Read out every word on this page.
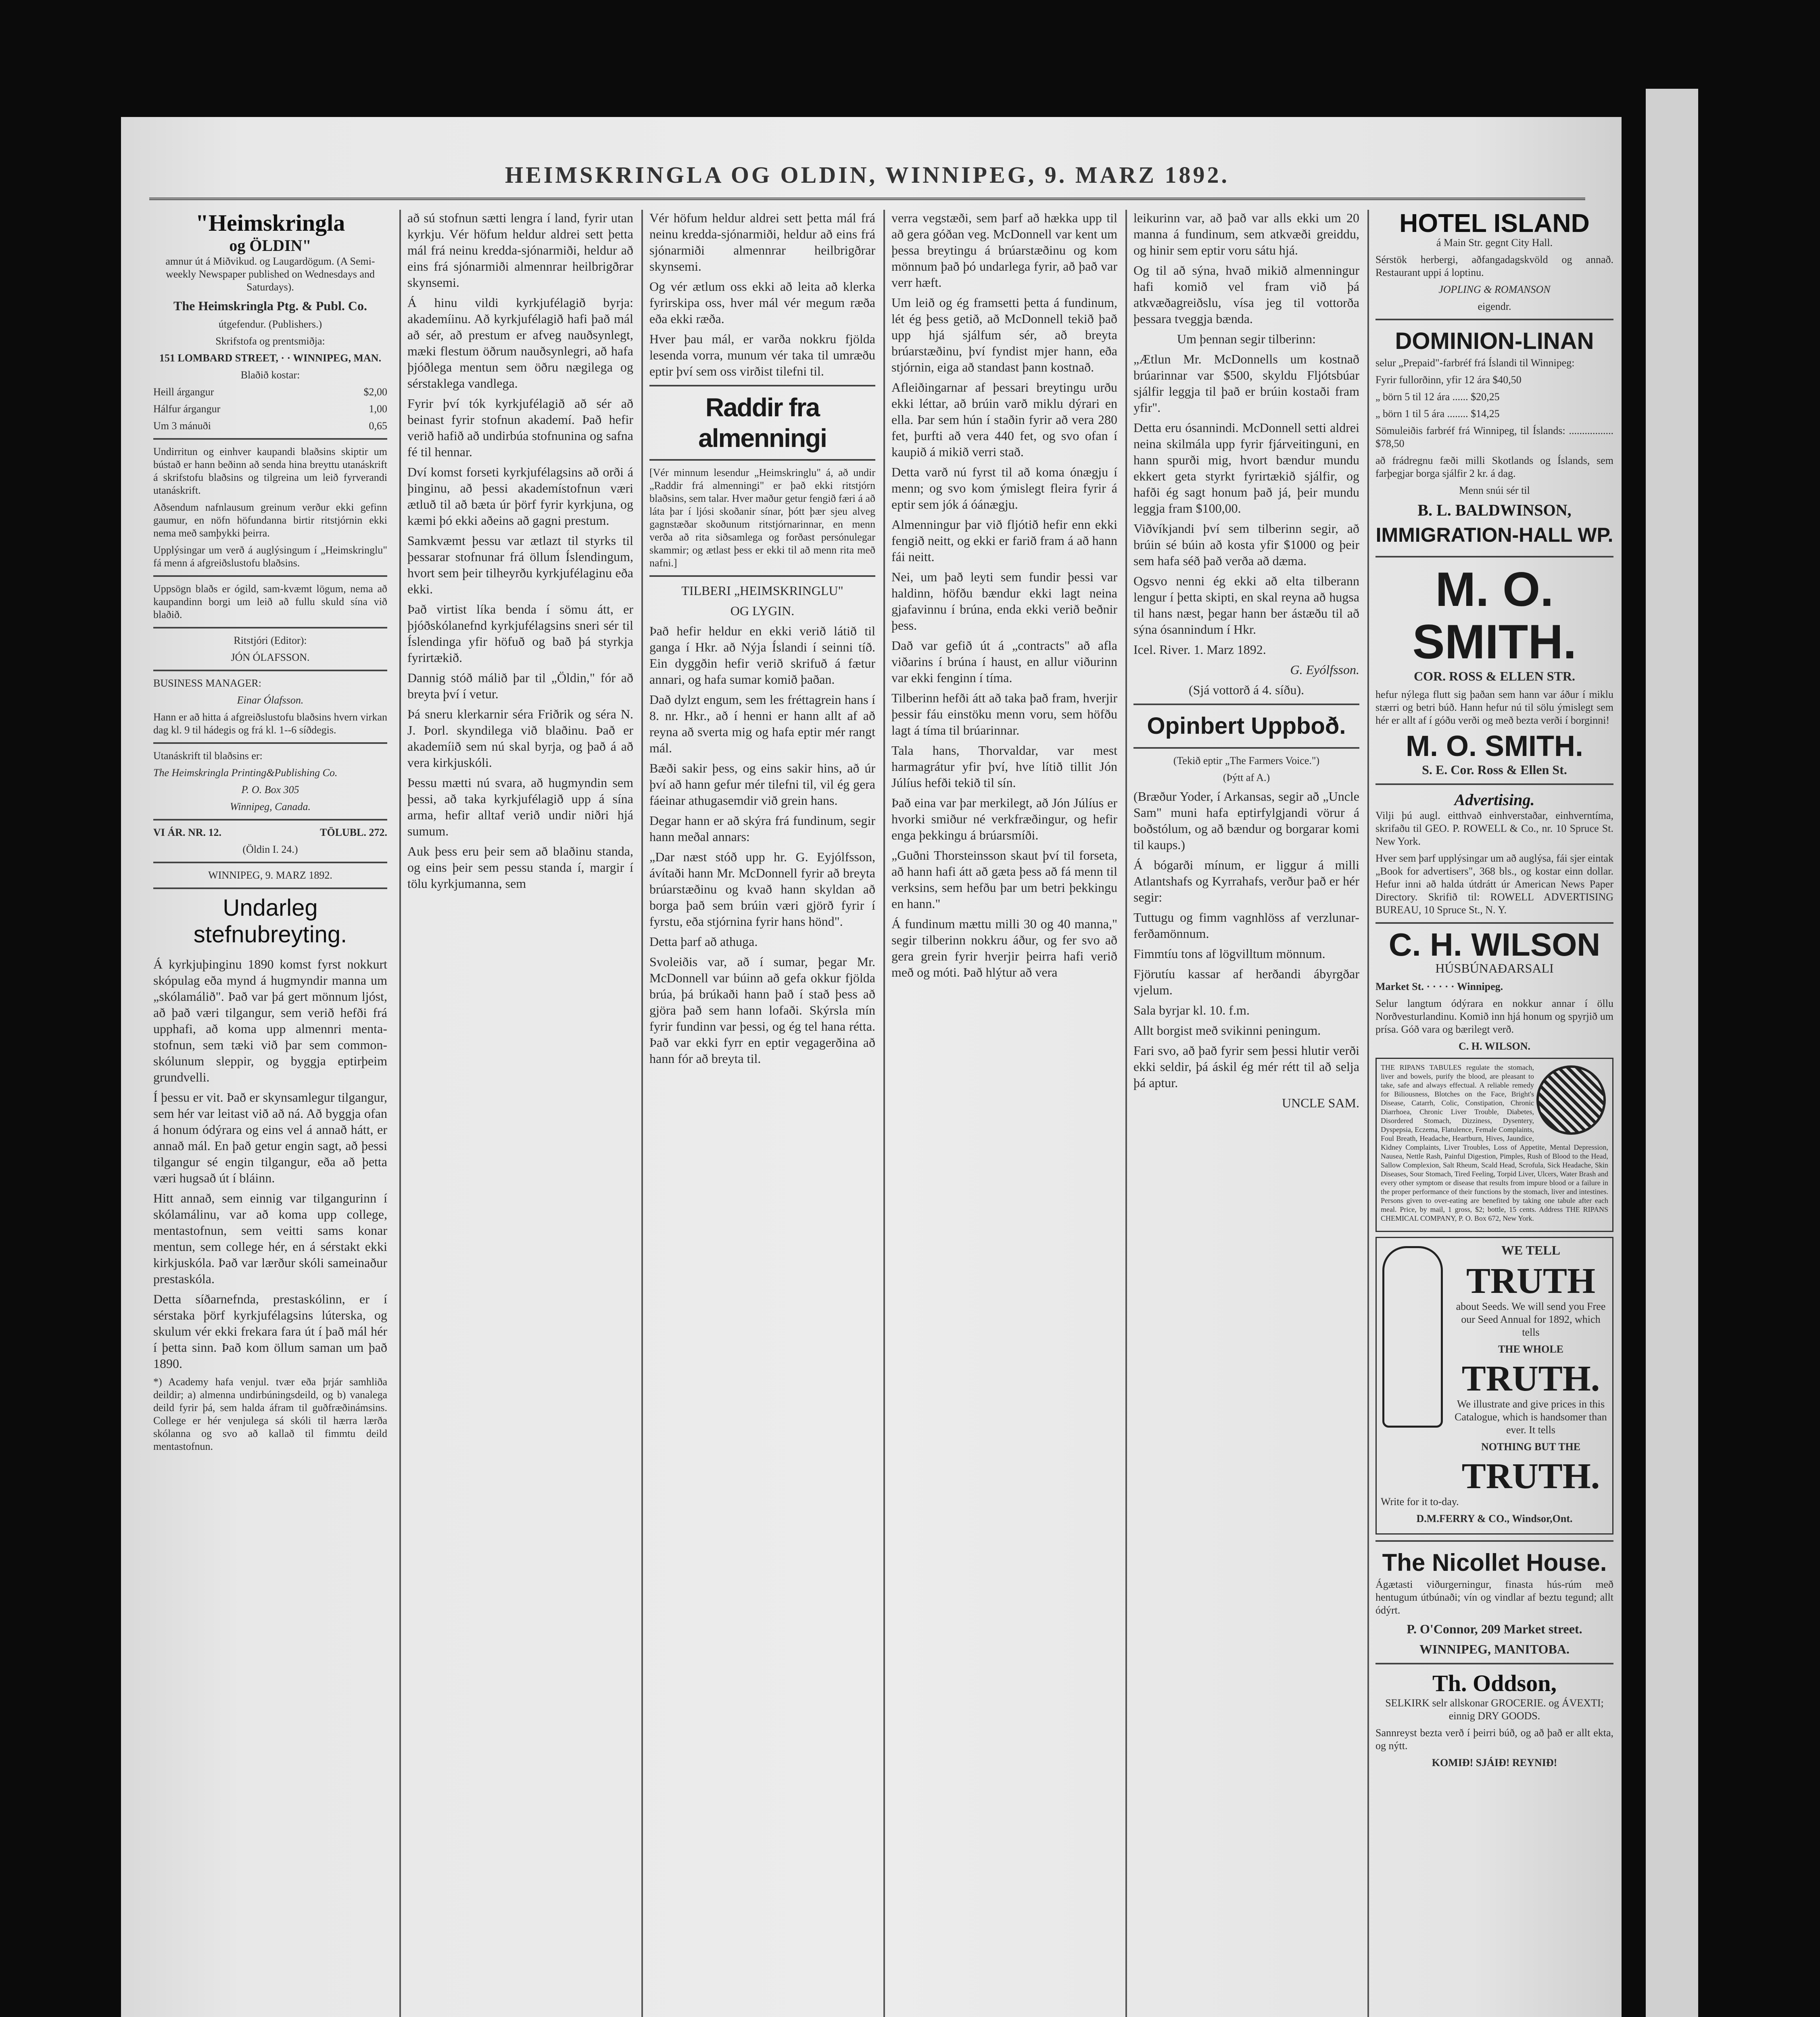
HEIMSKRINGLA OG OLDIN, WINNIPEG, 9. MARZ 1892.
"Heimskringla
og ÖLDIN"

amnur út á Miðvikud. og Laugardögum. (A Semi-weekly Newspaper published on Wednesdays and Saturdays).

The Heimskringla Ptg. & Publ. Co.
útgefendur. (Publishers.)
Skrifstofa og prentsmiðja:
151 LOMBARD STREET, · · WINNIPEG, MAN.
Blaðið kostar:
Heill árgangur	$2,00
Hálfur árgangur	1,00
Um 3 mánuði	0,65

Undirritun og einhver kaupandi blaðsins skiptir um bústað er hann beðinn að senda hina breyttu utanáskrift á skrifstofu blaðsins og tilgreina um leið fyrverandi utanáskrift.

Aðsendum nafnlausum greinum verður ekki gefinn gaumur, en nöfn höfundanna birtir ritstjórnin ekki nema með samþykki þeirra.

Upplýsingar um verð á auglýsingum í „Heimskringlu" fá menn á afgreiðslustofu blaðsins.

Uppsögn blaðs er ógild, sam-kvæmt lögum, nema að kaupandinn borgi um leið að fullu skuld sína við blaðið.

Ritstjóri (Editor):
JÓN ÓLAFSSON.
BUSINESS MANAGER:
Einar Ólafsson.

Hann er að hitta á afgreiðslustofu blaðsins hvern virkan dag kl. 9 til hádegis og frá kl. 1--6 síðdegis.

Utanáskrift til blaðsins er:
The Heimskringla Printing&Publishing Co.
P. O. Box 305
Winnipeg, Canada.
VI ÁR. NR. 12.	TÖLUBL. 272.
(Öldin I. 24.)
WINNIPEG, 9. MARZ 1892.
Undarleg
stefnubreyting.

Á kyrkjuþinginu 1890 komst fyrst nokkurt skópulag eða mynd á hugmyndir manna um „skólamálið". Það var þá gert mönnum ljóst, að það væri tilgangur, sem verið hefði frá upphafi, að koma upp almennri menta-stofnun, sem tæki við þar sem common-skólunum sleppir, og byggja eptirþeim grundvelli.

Í þessu er vit. Það er skynsamlegur tilgangur, sem hér var leitast við að ná. Að byggja ofan á honum ódýrara og eins vel á annað hátt, er annað mál. En það getur engin sagt, að þessi tilgangur sé engin tilgangur, eða að þetta væri hugsað út í bláinn.

Hitt annað, sem einnig var tilgangurinn í skólamálinu, var að koma upp college, mentastofnun, sem veitti sams konar mentun, sem college hér, en á sérstakt ekki kirkjuskóla. Það var lærður skóli sameinaður prestaskóla.

Detta síðarnefnda, prestaskólinn, er í sérstaka þörf kyrkjufélagsins lúterska, og skulum vér ekki frekara fara út í það mál hér í þetta sinn. Það kom öllum saman um það 1890.

*) Academy hafa venjul. tvær eða þrjár samhliða deildir; a) almenna undirbúningsdeild, og b) vanalega deild fyrir þá, sem halda áfram til guðfræðinámsins. College er hér venjulega sá skóli til hærra lærða skólanna og svo að kallað til fimmtu deild mentastofnun.

að sú stofnun sætti lengra í land, fyrir utan kyrkju. Vér höfum heldur aldrei sett þetta mál frá neinu kredda-sjónarmiði, heldur að eins frá sjónarmiði almennrar heilbrigðrar skynsemi.

Á hinu vildi kyrkjufélagið byrja: akademíinu. Að kyrkjufélagið hafi það mál að sér, að prestum er afveg nauðsynlegt, mæki flestum öðrum nauðsynlegri, að hafa þjóðlega mentun sem öðru nægilega og sérstaklega vandlega.

Fyrir því tók kyrkjufélagið að sér að beinast fyrir stofnun akademí. Það hefir verið hafið að undirbúa stofnunina og safna fé til hennar.

Dví komst forseti kyrkjufélagsins að orði á þinginu, að þessi akademístofnun væri ætluð til að bæta úr þörf fyrir kyrkjuna, og kæmi þó ekki aðeins að gagni prestum.

Samkvæmt þessu var ætlazt til styrks til þessarar stofnunar frá öllum Íslendingum, hvort sem þeir tilheyrðu kyrkjufélaginu eða ekki.

Það virtist líka benda í sömu átt, er þjóðskólanefnd kyrkjufélagsins sneri sér til Íslendinga yfir höfuð og bað þá styrkja fyrirtækið.

Dannig stóð málið þar til „Öldin," fór að breyta því í vetur.

Þá sneru klerkarnir séra Friðrik og séra N. J. Þorl. skyndilega við blaðinu. Það er akademíið sem nú skal byrja, og það á að vera kirkjuskóli.

Þessu mætti nú svara, að hugmyndin sem þessi, að taka kyrkjufélagið upp á sína arma, hefir alltaf verið undir niðri hjá sumum.

Auk þess eru þeir sem að blaðinu standa, og eins þeir sem pessu standa í, margir í tölu kyrkjumanna, sem

Vér höfum heldur aldrei sett þetta mál frá neinu kredda-sjónarmiði, heldur að eins frá sjónarmiði almennrar heilbrigðrar skynsemi.

Og vér ætlum oss ekki að leita að klerka fyrirskipa oss, hver mál vér megum ræða eða ekki ræða.

Hver þau mál, er varða nokkru fjölda lesenda vorra, munum vér taka til umræðu eptir því sem oss virðist tilefni til.

Raddir fra almenningi

[Vér minnum lesendur „Heimskringlu" á, að undir „Raddir frá almenningi" er það ekki ritstjórn blaðsins, sem talar. Hver maður getur fengið færi á að láta þar í ljósi skoðanir sínar, þótt þær sjeu alveg gagnstæðar skoðunum ritstjórnarinnar, en menn verða að rita siðsamlega og forðast persónulegar skammir; og ætlast þess er ekki til að menn rita með nafni.]

TILBERI „HEIMSKRINGLU"
OG LYGIN.

Það hefir heldur en ekki verið látið til ganga í Hkr. að Nýja Íslandi í seinni tíð. Ein dyggðin hefir verið skrifuð á fætur annari, og hafa sumar komið þaðan.

Dað dylzt engum, sem les fréttagrein hans í 8. nr. Hkr., að í henni er hann allt af að reyna að sverta mig og hafa eptir mér rangt mál.

Bæði sakir þess, og eins sakir hins, að úr því að hann gefur mér tilefni til, vil ég gera fáeinar athugasemdir við grein hans.

Degar hann er að skýra frá fundinum, segir hann meðal annars:

„Dar næst stóð upp hr. G. Eyjólfsson, ávítaði hann Mr. McDonnell fyrir að breyta brúarstæðinu og kvað hann skyldan að borga það sem brúin væri gjörð fyrir í fyrstu, eða stjórnina fyrir hans hönd".

Detta þarf að athuga.

Svoleiðis var, að í sumar, þegar Mr. McDonnell var búinn að gefa okkur fjölda brúa, þá brúkaði hann það í stað þess að gjöra það sem hann lofaði. Skýrsla mín fyrir fundinn var þessi, og ég tel hana rétta. Það var ekki fyrr en eptir vegagerðina að hann fór að breyta til.

verra vegstæði, sem þarf að hækka upp til að gera góðan veg. McDonnell var kent um þessa breytingu á brúarstæðinu og kom mönnum það þó undarlega fyrir, að það var verr hæft.

Um leið og ég framsetti þetta á fundinum, lét ég þess getið, að McDonnell tekið það upp hjá sjálfum sér, að breyta brúarstæðinu, því fyndist mjer hann, eða stjórnin, eiga að standast þann kostnað.

Afleiðingarnar af þessari breytingu urðu ekki léttar, að brúin varð miklu dýrari en ella. Þar sem hún í staðin fyrir að vera 280 fet, þurfti að vera 440 fet, og svo ofan í kaupið á mikið verri stað.

Detta varð nú fyrst til að koma ónægju í menn; og svo kom ýmislegt fleira fyrir á eptir sem jók á óánægju.

Almenningur þar við fljótið hefir enn ekki fengið neitt, og ekki er farið fram á að hann fái neitt.

Nei, um það leyti sem fundir þessi var haldinn, höfðu bændur ekki lagt neina gjafavinnu í brúna, enda ekki verið beðnir þess.

Dað var gefið út á „contracts" að afla viðarins í brúna í haust, en allur viðurinn var ekki fenginn í tíma.

Tilberinn hefði átt að taka það fram, hverjir þessir fáu einstöku menn voru, sem höfðu lagt á tíma til brúarinnar.

Tala hans, Thorvaldar, var mest harmagrátur yfir því, hve lítið tillit Jón Júlíus hefði tekið til sín.

Það eina var þar merkilegt, að Jón Júlíus er hvorki smiður né verkfræðingur, og hefir enga þekkingu á brúarsmíði.

„Guðni Thorsteinsson skaut því til forseta, að hann hafi átt að gæta þess að fá menn til verksins, sem hefðu þar um betri þekkingu en hann."

Á fundinum mættu milli 30 og 40 manna," segir tilberinn nokkru áður, og fer svo að gera grein fyrir hverjir þeirra hafi verið með og móti. Það hlýtur að vera

leikurinn var, að það var alls ekki um 20 manna á fundinum, sem atkvæði greiddu, og hinir sem eptir voru sátu hjá.

Og til að sýna, hvað mikið almenningur hafi komið vel fram við þá atkvæðagreiðslu, vísa jeg til vottorða þessara tveggja bænda.

Um þennan segir tilberinn:

„Ætlun Mr. McDonnells um kostnað brúarinnar var $500, skyldu Fljótsbúar sjálfir leggja til það er brúin kostaði fram yfir".

Detta eru ósannindi. McDonnell setti aldrei neina skilmála upp fyrir fjárveitinguni, en hann spurði mig, hvort bændur mundu ekkert geta styrkt fyrirtækið sjálfir, og hafði ég sagt honum það já, þeir mundu leggja fram $100,00.

Viðvíkjandi því sem tilberinn segir, að brúin sé búin að kosta yfir $1000 og þeir sem hafa séð það verða að dæma.

Ogsvo nenni ég ekki að elta tilberann lengur í þetta skipti, en skal reyna að hugsa til hans næst, þegar hann ber ástæðu til að sýna ósannindum í Hkr.

Icel. River. 1. Marz 1892.
G. Eyólfsson.
(Sjá vottorð á 4. síðu).
Opinbert Uppboð.
(Tekið eptir „The Farmers Voice.")
(Þýtt af A.)

(Bræður Yoder, í Arkansas, segir að „Uncle Sam" muni hafa eptirfylgjandi vörur á boðstólum, og að bændur og borgarar komi til kaups.)

Á bógarði mínum, er liggur á milli Atlantshafs og Kyrrahafs, verður það er hér segir:

Tuttugu og fimm vagnhlöss af verzlunar-ferðamönnum.

Fimmtíu tons af lögvilltum mönnum.

Fjörutíu kassar af herðandi ábyrgðar vjelum.

Sala byrjar kl. 10. f.m.

Allt borgist með svikinni peningum.

Fari svo, að það fyrir sem þessi hlutir verði ekki seldir, þá áskil ég mér rétt til að selja þá aptur.

UNCLE SAM.
HOTEL ISLAND
á Main Str. gegnt City Hall.

Sérstök herbergi, aðfangadagskvöld og annað. Restaurant uppi á loptinu.

JOPLING & ROMANSON
eigendr.
DOMINION-LINAN

selur „Prepaid"-farbréf frá Íslandi til Winnipeg:

Fyrir fullorðinn, yfir 12 ára $40,50
„ börn 5 til 12 ára ...... $20,25
„ börn 1 til 5 ára ........ $14,25
Sömuleiðis farbréf frá Winnipeg, til Íslands: ................. $78,50
að frádregnu fæði milli Skotlands og Íslands, sem farþegjar borga sjálfir 2 kr. á dag.
Menn snúi sér til
B. L. BALDWINSON,
IMMIGRATION-HALL WP.
M. O. SMITH.
COR. ROSS & ELLEN STR.

hefur nýlega flutt sig þaðan sem hann var áður í miklu stærri og betri búð. Hann hefur nú til sölu ýmislegt sem hér er allt af í góðu verði og með bezta verði í borginni!

M. O. SMITH.
S. E. Cor. Ross & Ellen St.
Advertising.

Vilji þú augl. eitthvað einhverstaðar, einhverntíma, skrifaðu til GEO. P. ROWELL & Co., nr. 10 Spruce St. New York.

Hver sem þarf upplýsingar um að auglýsa, fái sjer eintak „Book for advertisers", 368 bls., og kostar einn dollar. Hefur inni að halda útdrátt úr American News Paper Directory. Skrifið til: ROWELL ADVERTISING BUREAU, 10 Spruce St., N. Y.

C. H. WILSON
HÚSBÚNAÐARSALI
Market St. · · · · · Winnipeg.

Selur langtum ódýrara en nokkur annar í öllu Norðvesturlandinu. Komið inn hjá honum og spyrjið um prísa. Góð vara og bærilegt verð.

C. H. WILSON.

THE RIPANS TABULES regulate the stomach, liver and bowels, purify the blood, are pleasant to take, safe and always effectual. A reliable remedy for Biliousness, Blotches on the Face, Bright's Disease, Catarrh, Colic, Constipation, Chronic Diarrhoea, Chronic Liver Trouble, Diabetes, Disordered Stomach, Dizziness, Dysentery, Dyspepsia, Eczema, Flatulence, Female Complaints, Foul Breath, Headache, Heartburn, Hives, Jaundice, Kidney Complaints, Liver Troubles, Loss of Appetite, Mental Depression, Nausea, Nettle Rash, Painful Digestion, Pimples, Rush of Blood to the Head, Sallow Complexion, Salt Rheum, Scald Head, Scrofula, Sick Headache, Skin Diseases, Sour Stomach, Tired Feeling, Torpid Liver, Ulcers, Water Brash and every other symptom or disease that results from impure blood or a failure in the proper performance of their functions by the stomach, liver and intestines. Persons given to over-eating are benefited by taking one tabule after each meal. Price, by mail, 1 gross, $2; bottle, 15 cents. Address THE RIPANS CHEMICAL COMPANY, P. O. Box 672, New York.

WE TELL
TRUTH
about Seeds. We will send you Free our Seed Annual for 1892, which tells
THE WHOLE
TRUTH.
We illustrate and give prices in this Catalogue, which is handsomer than ever. It tells
NOTHING BUT THE
TRUTH.
Write for it to-day.
D.M.FERRY & CO., Windsor,Ont.
The Nicollet House.

Ágætasti viðurgerningur, finasta hús-rúm með hentugum útbúnaði; vín og vindlar af beztu tegund; allt ódýrt.

P. O'Connor, 209 Market street.
WINNIPEG, MANITOBA.
Th. Oddson,
SELKIRK selr allskonar GROCERIE. og ÁVEXTI; einnig DRY GOODS.

Sannreyst bezta verð í þeirri búð, og að það er allt ekta, og nýtt.

KOMIÐ! SJÁIÐ! REYNIÐ!
